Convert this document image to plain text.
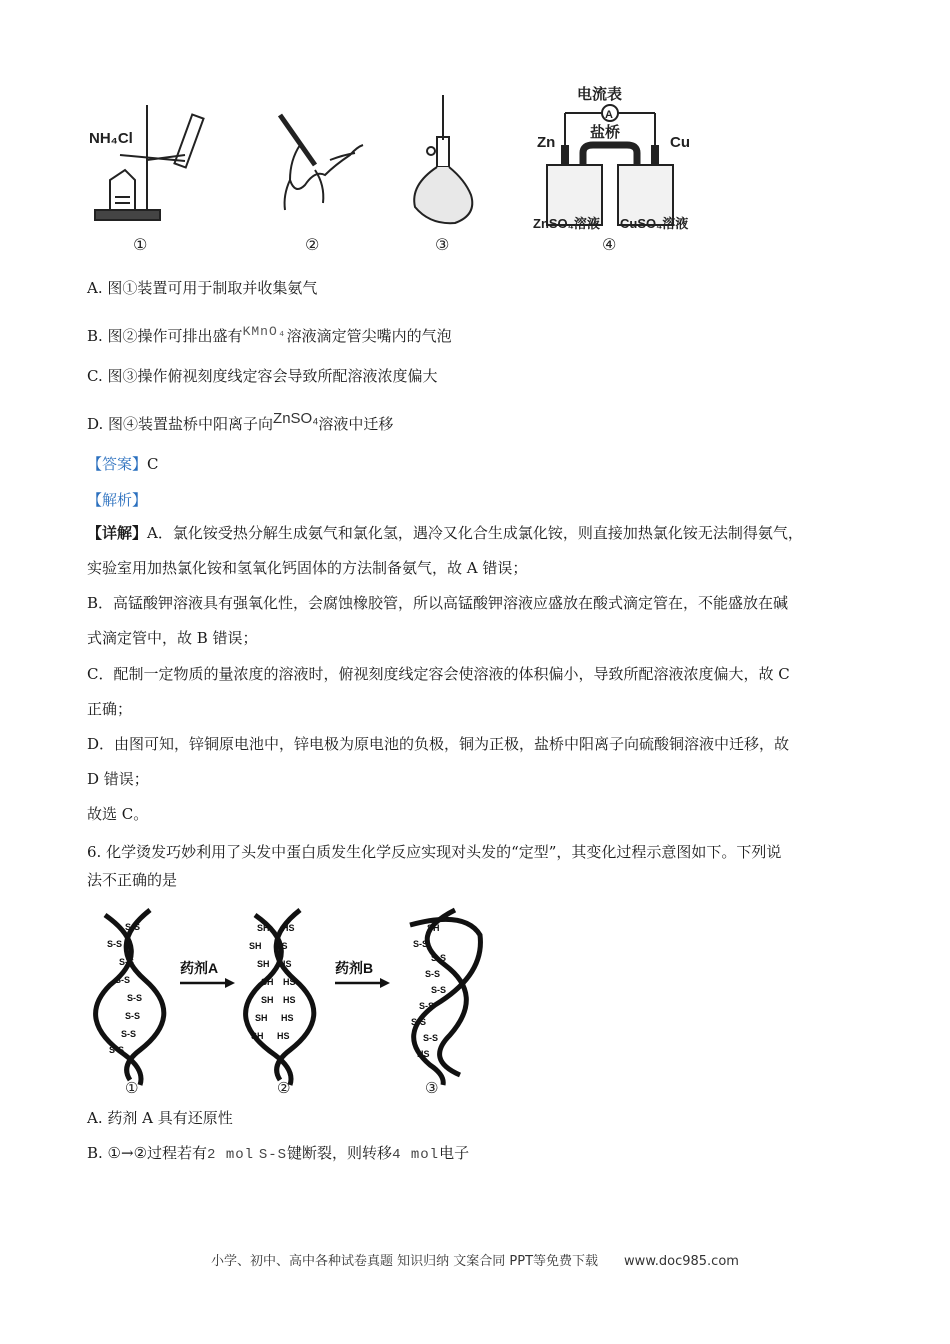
NH₄Cl
①	②	③
电流表
A
盐桥
Zn	Cu
ZnSO₄溶液 CuSO₄溶液
④
A. 图①装置可用于制取并收集氨气
B. 图②操作可排出盛有KMnO₄溶液滴定管尖嘴内的气泡
C. 图③操作俯视刻度线定容会导致所配溶液浓度偏大
D. 图④装置盐桥中阳离子向ZnSO₄溶液中迁移
【答案】C
【解析】
【详解】A．氯化铵受热分解生成氨气和氯化氢，遇冷又化合生成氯化铵，则直接加热氯化铵无法制得氨气，
实验室用加热氯化铵和氢氧化钙固体的方法制备氨气，故 A 错误；
B．高锰酸钾溶液具有强氧化性，会腐蚀橡胶管，所以高锰酸钾溶液应盛放在酸式滴定管在，不能盛放在碱
式滴定管中，故 B 错误；
C．配制一定物质的量浓度的溶液时，俯视刻度线定容会使溶液的体积偏小，导致所配溶液浓度偏大，故 C
正确；
D．由图可知，锌铜原电池中，锌电极为原电池的负极，铜为正极，盐桥中阳离子向硫酸铜溶液中迁移，故
D 错误；
故选 C。
6. 化学烫发巧妙利用了头发中蛋白质发生化学反应实现对头发的“定型”，其变化过程示意图如下。下列说
法不正确的是
S-S
S-S
S-S
S-S
S-S
S-S
S-S
S-S
①
药剂A
SH HS
SH HS
SH HS
SH HS
SH HS
SH HS
SH HS
②
药剂B
SH
S-S
S-S
S-S
S-S
S-S
S-S
S-S
HS
③
A. 药剂 A 具有还原性
B. ①→②过程若有2 mol S-S键断裂，则转移4 mol电子
小学、初中、高中各种试卷真题 知识归纳 文案合同 PPT等免费下载　　www.doc985.com
